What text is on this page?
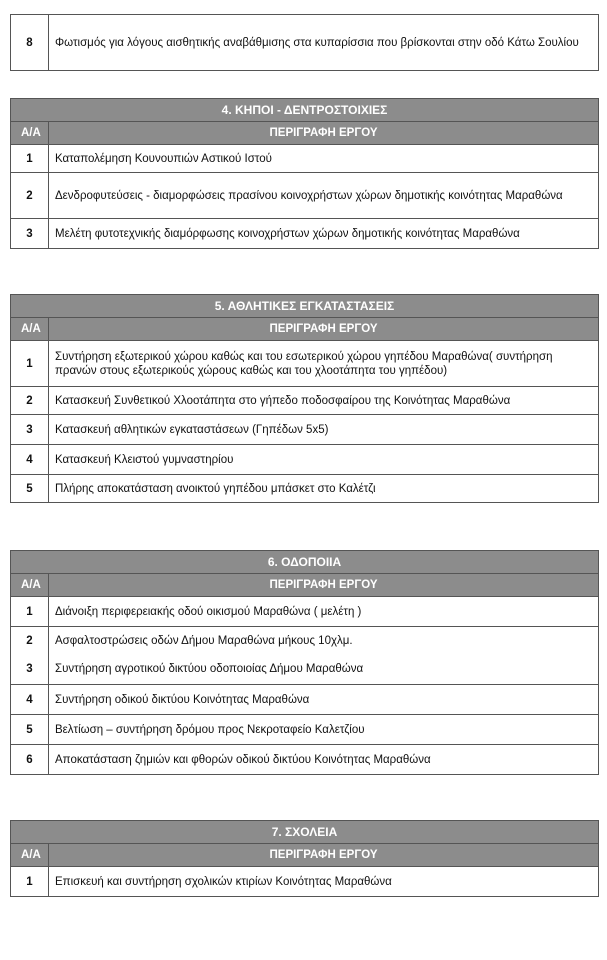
8	Φωτισμός για λόγους αισθητικής αναβάθμισης στα κυπαρίσσια που βρίσκονται στην οδό Κάτω Σουλίου
4. ΚΗΠΟΙ - ΔΕΝΤΡΟΣΤΟΙΧΙΕΣ	
Α/Α	ΠΕΡΙΓΡΑΦΗ ΕΡΓΟΥ
1	Καταπολέμηση Κουνουπιών Αστικού Ιστού
2	Δενδροφυτεύσεις - διαμορφώσεις πρασίνου κοινοχρήστων χώρων δημοτικής κοινότητας Μαραθώνα
3	Μελέτη φυτοτεχνικής διαμόρφωσης κοινοχρήστων χώρων δημοτικής κοινότητας Μαραθώνα
5. ΑΘΛΗΤΙΚΕΣ ΕΓΚΑΤΑΣΤΑΣΕΙΣ	
Α/Α	ΠΕΡΙΓΡΑΦΗ ΕΡΓΟΥ
1	Συντήρηση εξωτερικού χώρου καθώς και του εσωτερικού χώρου γηπέδου Μαραθώνα( συντήρηση πρανών στους εξωτερικούς χώρους καθώς και του χλοοτάπητα του γηπέδου)
2	Κατασκευή Συνθετικού Χλοοτάπητα στο γήπεδο ποδοσφαίρου της Κοινότητας Μαραθώνα
3	Κατασκευή αθλητικών εγκαταστάσεων (Γηπέδων 5x5)
4	Κατασκευή Κλειστού γυμναστηρίου
5	Πλήρης αποκατάσταση ανοικτού γηπέδου μπάσκετ στο Καλέτζι
6. ΟΔΟΠΟΙΙΑ	
Α/Α	ΠΕΡΙΓΡΑΦΗ ΕΡΓΟΥ
1	Διάνοιξη περιφερειακής οδού οικισμού Μαραθώνα ( μελέτη )
2	Ασφαλτοστρώσεις οδών Δήμου Μαραθώνα μήκους 10χλμ.
3	Συντήρηση αγροτικού δικτύου οδοποιοίας Δήμου Μαραθώνα
4	Συντήρηση οδικού δικτύου Κοινότητας Μαραθώνα
5	Βελτίωση – συντήρηση δρόμου προς Νεκροταφείο Καλετζίου
6	Αποκατάσταση ζημιών και φθορών οδικού δικτύου Κοινότητας Μαραθώνα
7. ΣΧΟΛΕΙΑ	
Α/Α	ΠΕΡΙΓΡΑΦΗ ΕΡΓΟΥ
1	Επισκευή και συντήρηση σχολικών κτιρίων Κοινότητας Μαραθώνα
